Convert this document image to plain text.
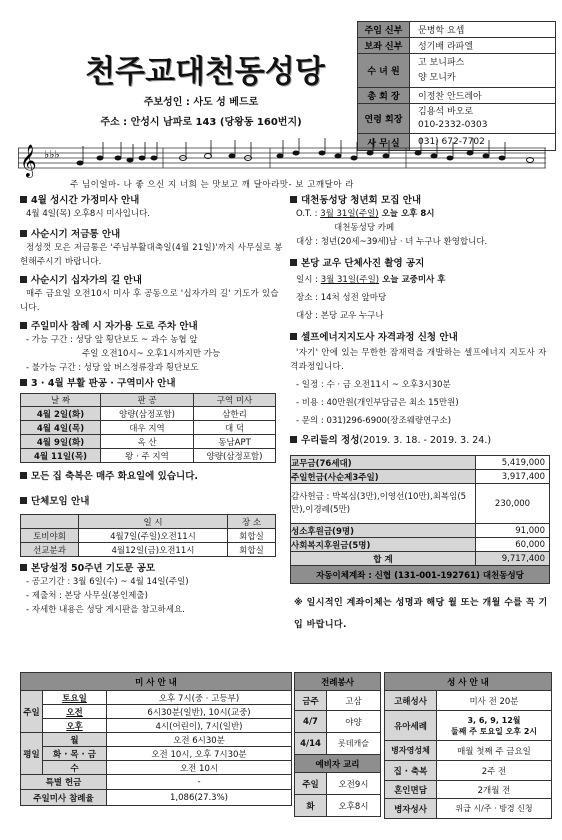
천주교대천동성당
주보성인 : 사도 성 베드로
주소 : 안성시 남파로 143 (당왕동 160번지)
주임 신부	문병학 요셉
보좌 신부	성기배 라파엘
수 녀 원	고 보니파스
양 모니카
총 회 장	이정찬 안드레아
연령 회장	김용석 바오로
010-2332-0303
사 무 실	031) 672-7702
𝄞 ♭♭♭
주 님이얼마- 나 좋 으신 지 너희 는 맛보고 깨 달아라맛- 보 고깨달아 라
4월 성시간 가정미사 안내
4월 4일(목) 오후8시 미사입니다.
사순시기 저금통 안내
정성껏 모은 저금통은 '주님부활대축일(4월 21일)'까지 사무실로 봉헌해주시기 바랍니다.
사순시기 십자가의 길 안내
매주 금요일 오전10시 미사 후 공동으로 '십자가의 길' 기도가 있습니다.
주일미사 참례 시 자가용 도로 주차 안내
- 가능 구간 : 성당 앞 횡단보도 ~ 과수 농협 앞
주일 오전10시~ 오후1시까지만 가능
- 불가능 구간 : 성당 앞 버스정류장과 횡단보도
3 · 4월 부활 판공 · 구역미사 안내
날 짜	판 공	구역 미사
4월 2일(화)	양량(삼정포함)	삼한리
4월 4일(목)	대우 지역	대 덕
4월 9일(화)	옥 산	동남APT
4월 11일(목)	왕 · 주 지역	양량(삼정포함)
모든 집 축복은 매주 화요일에 있습니다.
단체모임 안내
	일 시	장 소
토비야회	4월7일(주일)오전11시	회합실
선교분과	4월12일(금)오전11시	회합실
본당설정 50주년 기도문 공모
- 공고기간 : 3월 6일(수) ~ 4월 14일(주일)
- 제출처 : 본당 사무실(봉인제출)
- 자세한 내용은 성당 게시판을 참고하세요.
대천동성당 청년회 모집 안내
O.T. : 3월 31일(주일) 오늘 오후 8시
대천동성당 카페
대상 : 청년(20세~39세)남 · 녀 누구나 환영합니다.
본당 교우 단체사진 촬영 공지
일시 : 3월 31일(주일) 오늘 교중미사 후
장소 : 14처 성전 앞마당
대상 : 본당 교우 누구나
셀프에너지지도사 자격과정 신청 안내
'자기' 안에 있는 무한한 잠재력을 개발하는 셀프에너지 지도사 자격과정입니다.
- 일정 : 수 · 금 오전11시 ~ 오후3시30분
- 비용 : 40만원(개인부담금은 최소 15만원)
- 문의 : 031)296-6900(장조웨량연구소)
우리들의 정성(2019. 3. 18. - 2019. 3. 24.)
교무금(76세대)	5,419,000
주일헌금(사순제3주일)	3,917,400
감사헌금 : 박복심(3만),이영선(10만),최복임(5만),이경례(5만)	230,000
성소후원금(9명)	91,000
사회복지후원금(5명)	60,000
합 계	9,717,400
자동이체계좌 : 신협 (131-001-192761) 대천동성당	
※ 일시적인 계좌이체는 성명과 해당 월 또는 개월 수를 꼭 기입 바랍니다.
미 사 안 내		
주일	토요일	오후 7시(중 · 고등부)
	오전	6시30분(일반), 10시(교중)
	오후	4시(어린이), 7시(일반)
평일	월	오전 6시30분
	화 · 목 · 금	오전 10시, 오후 7시30분
	수	오전 10시
특별 헌금		-
주일미사 참례율		1,086(27.3%)
전례봉사	
금주	고삼
4/7	야양
4/14	롯데캐슬
예비자 교리	
주일	오전9시
화	오후8시
성 사 안 내	
고해성사	미사 전 20분
유아세례	3, 6, 9, 12월
둘째 주 토요일 오후 2시
병자영성체	매월 첫째 주 금요일
집 · 축복	2주 전
혼인면담	2개월 전
병자성사	위급 시/주 · 방경 신청
